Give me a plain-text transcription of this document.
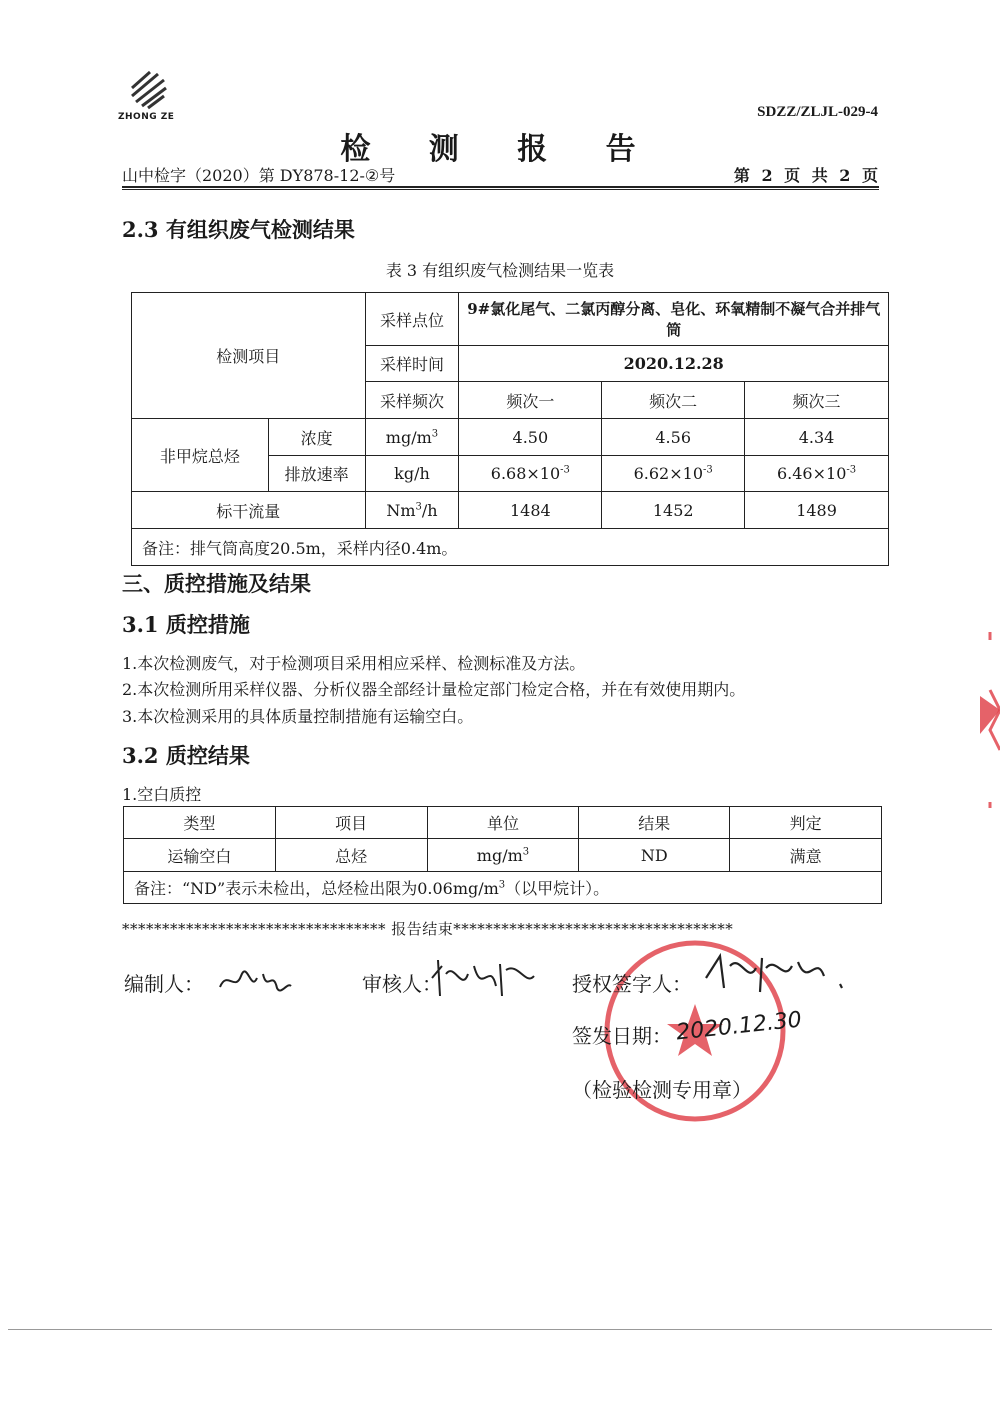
ZHONG ZE	SDZZ/ZLJL-029-4
检 测 报 告
山中检字（2020）第 DY878-12-②号	第 2 页 共 2 页
2.3 有组织废气检测结果
表 3 有组织废气检测结果一览表
检测项目		采样点位	9#氯化尾气、二氯丙醇分离、皂化、环氧精制不凝气合并排气筒		
		采样时间	2020.12.28		
		采样频次	频次一	频次二	频次三
非甲烷总烃	浓度	$mg/m^3$	4.50	4.56	4.34
	排放速率	kg/h	$6.68\times 10^{-3}$	$6.62\times 10^{-3}$	$6.46\times 10^{-3}$
标干流量		Nm$^3$/h	1484	1452	1489
备注：排气筒高度20.5m，采样内径0.4m。					
三、质控措施及结果
3.1 质控措施
1.本次检测废气，对于检测项目采用相应采样、检测标准及方法。
2.本次检测所用采样仪器、分析仪器全部经计量检定部门检定合格，并在有效使用期内。
3.本次检测采用的具体质量控制措施有运输空白。
3.2 质控结果
1.空白质控
类型	项目	单位	结果	判定
运输空白	总烃	$mg/m^3$	ND	满意
备注：“ND”表示未检出，总烃检出限为$0.06mg/m^3$（以甲烷计）。				
********************************* 报告结束***********************************
编制人：	审核人：	授权签字人：
签发日期： 2020.12.30
（检验检测专用章）
